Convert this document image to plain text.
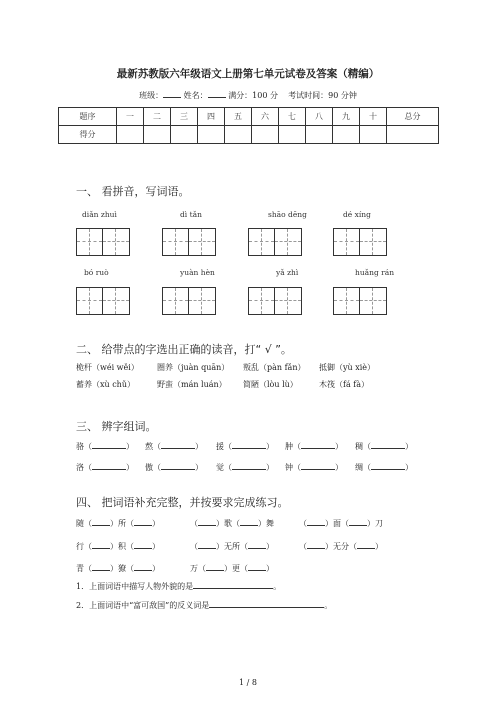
最新苏教版六年级语文上册第七单元试卷及答案（精编）
班级：	姓名：	满分：100 分 考试时间：90 分钟
题序	一	二	三	四	五	六	七	八	九	十	总分
得分											
一、 看拼音，写词语。
diǎn zhuì	dì tǎn	shāo dēng	dé xíng
bó ruò	yuàn hèn	yǎ zhì	huǎng rán
二、 给带点的字选出正确的读音，打“ √ ”。
桅杆（wéi wěi） 圈养（juàn quān） 叛乱（pàn fǎn） 抵御（yù xiè）
蓄养（xù chǔ）	野蛮（mán luán） 简陋（lòu lù）	木筏（fá fà）
三、 辨字组词。
骆（	） 熬（	） 援（	） 肿（	） 稠（	）
洛（	） 傲（	） 觉（	） 钟（	） 绸（	）
四、 把词语补充完整，并按要求完成练习。
随（ ）所（ ）	（ ）歌（ ）舞	（ ）面（ ）刀
行（ ）积（ ）	（ ）无所（ ）	（ ）无分（ ）
青（ ）獠（ ）	万（ ）更（ ）
1．上面词语中描写人物外貌的是	。
2．上面词语中“富可敌国”的反义词是	。
1 / 8
